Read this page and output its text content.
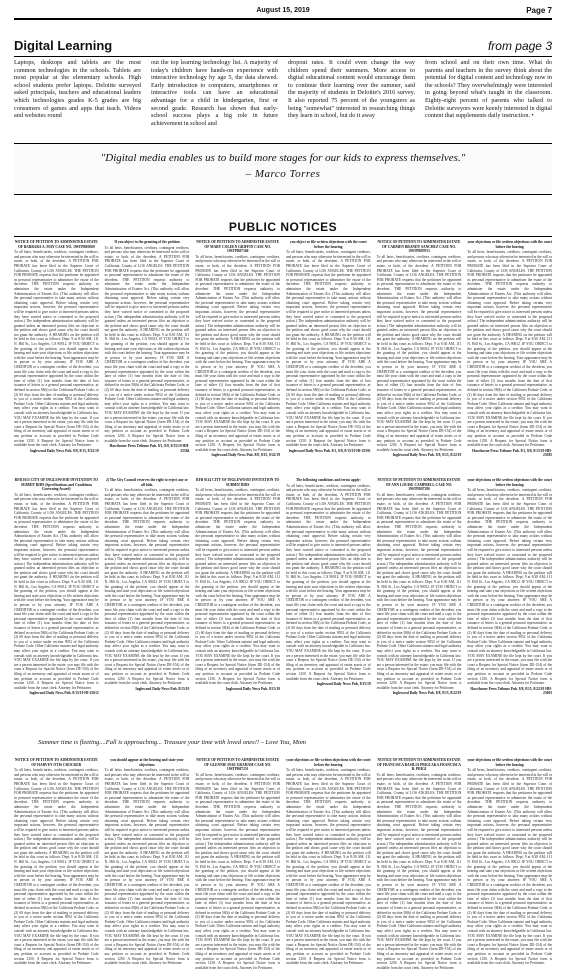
August 15, 2019	Page 7
Digital Learning	from page 3
Laptops, desktops and tablets are the most common technologies in the schools. Tablets are most popular at the elementary schools. High school students prefer laptops. Deloitte surveyed asked principals, teachers and educational leaders which technologies grades K-5 grades are big consumers of games and apps that teach. Videos and websites round
out the top learning technology list. A majority of today's children have hands-on experience with interactive technology by age 5, the data showed. Early introduction to computers, smartphones or interactive tools can have an educational advantage for a child in kindergarten, first or second grade. Research has shown that early-school success plays a big role in future achievement in school and
dropout rates. It could even change the way children spend their summers. More access to digital educational content would encourage them to continue their learning over the summer, said the majority of students in Deloitte's 2016 survey. It also reported 75 percent of the youngsters as being "somewhat" interested in researching things they learn in school, but do it away
from school and on their own time. What do parents and teachers in the survey think about the potential for digital content and technology now in the schools? They overwhelmingly were interested in going beyond what's taught in the classroom. Eighty-eight percent of parents who talked to Deloitte surveyors were keenly interested in digital content that supplements daily instruction. •
"Digital media enables us to build more stages for our kids to express themselves."
– Marco Torres
PUBLIC NOTICES
NOTICE OF PETITION TO ADMINISTER ESTATE OF BARBARA A. MAY CASE NO. 19STPB05069
To all heirs, beneficiaries, creditors, contingent creditors, and persons who may otherwise be interested in the will or estate, or both, of the decedent. A PETITION FOR PROBATE has been filed in the Superior Court of California, County of LOS ANGELES. THE PETITION FOR PROBATE requests that the petitioner be appointed as personal representative to administer the estate of the decedent. THE PETITION requests authority to administer the estate under the Independent Administration of Estates Act. (This authority will allow the personal representative to take many actions without obtaining court approval. Before taking certain very important actions, however, the personal representative will be required to give notice to interested persons unless they have waived notice or consented to the proposed action.) The independent administration authority will be granted unless an interested person files an objection to the petition and shows good cause why the court should not grant the authority. A HEARING on the petition will be held in this court as follows: Dept. 9 at 8:30 AM, 111 N. Hill St., Los Angeles, CA 90012. IF YOU OBJECT to the granting of the petition, you should appear at the hearing and state your objections or file written objections with the court before the hearing. Your appearance may be in person or by your attorney. IF YOU ARE A CREDITOR or a contingent creditor of the decedent, you must file your claim with the court and mail a copy to the personal representative appointed by the court within the later of either (1) four months from the date of first issuance of letters to a general personal representative, as defined in section 58(b) of the California Probate Code, or (2) 60 days from the date of mailing or personal delivery to you of a notice under section 9052 of the California Probate Code. Other California statutes and legal authority may affect your rights as a creditor. You may want to consult with an attorney knowledgeable in California law. YOU MAY EXAMINE the file kept by the court. If you are a person interested in the estate, you may file with the court a Request for Special Notice (form DE-154) of the filing of an inventory and appraisal of estate assets or of any petition or account as provided in Probate Code section 1250. A Request for Special Notice form is available from the court clerk. Attorney for Petitioner.
Inglewood Daily News Pub. 8/8, 8/15, 8/22/19
If you object to the granting of the petition
To all heirs, beneficiaries, creditors, contingent creditors, and persons who may otherwise be interested in the will or estate, or both, of the decedent. A PETITION FOR PROBATE has been filed in the Superior Court of California, County of LOS ANGELES. THE PETITION FOR PROBATE requests that the petitioner be appointed as personal representative to administer the estate of the decedent. THE PETITION requests authority to administer the estate under the Independent Administration of Estates Act. (This authority will allow the personal representative to take many actions without obtaining court approval. Before taking certain very important actions, however, the personal representative will be required to give notice to interested persons unless they have waived notice or consented to the proposed action.) The independent administration authority will be granted unless an interested person files an objection to the petition and shows good cause why the court should not grant the authority. A HEARING on the petition will be held in this court as follows: Dept. 9 at 8:30 AM, 111 N. Hill St., Los Angeles, CA 90012. IF YOU OBJECT to the granting of the petition, you should appear at the hearing and state your objections or file written objections with the court before the hearing. Your appearance may be in person or by your attorney. IF YOU ARE A CREDITOR or a contingent creditor of the decedent, you must file your claim with the court and mail a copy to the personal representative appointed by the court within the later of either (1) four months from the date of first issuance of letters to a general personal representative, as defined in section 58(b) of the California Probate Code, or (2) 60 days from the date of mailing or personal delivery to you of a notice under section 9052 of the California Probate Code. Other California statutes and legal authority may affect your rights as a creditor. You may want to consult with an attorney knowledgeable in California law. YOU MAY EXAMINE the file kept by the court. If you are a person interested in the estate, you may file with the court a Request for Special Notice (form DE-154) of the filing of an inventory and appraisal of estate assets or of any petition or account as provided in Probate Code section 1250. A Request for Special Notice form is available from the court clerk. Attorney for Petitioner.
Hawthorne Press Tribune Pub. 8/1, 8/8, 8/15/19 HH-25584
NOTICE OF PETITION TO ADMINISTER ESTATE OF MARY COLEEN GRIFFIN CASE NO. 19STPB07160
To all heirs, beneficiaries, creditors, contingent creditors, and persons who may otherwise be interested in the will or estate, or both, of the decedent. A PETITION FOR PROBATE has been filed in the Superior Court of California, County of LOS ANGELES. THE PETITION FOR PROBATE requests that the petitioner be appointed as personal representative to administer the estate of the decedent. THE PETITION requests authority to administer the estate under the Independent Administration of Estates Act. (This authority will allow the personal representative to take many actions without obtaining court approval. Before taking certain very important actions, however, the personal representative will be required to give notice to interested persons unless they have waived notice or consented to the proposed action.) The independent administration authority will be granted unless an interested person files an objection to the petition and shows good cause why the court should not grant the authority. A HEARING on the petition will be held in this court as follows: Dept. 9 at 8:30 AM, 111 N. Hill St., Los Angeles, CA 90012. IF YOU OBJECT to the granting of the petition, you should appear at the hearing and state your objections or file written objections with the court before the hearing. Your appearance may be in person or by your attorney. IF YOU ARE A CREDITOR or a contingent creditor of the decedent, you must file your claim with the court and mail a copy to the personal representative appointed by the court within the later of either (1) four months from the date of first issuance of letters to a general personal representative, as defined in section 58(b) of the California Probate Code, or (2) 60 days from the date of mailing or personal delivery to you of a notice under section 9052 of the California Probate Code. Other California statutes and legal authority may affect your rights as a creditor. You may want to consult with an attorney knowledgeable in California law. YOU MAY EXAMINE the file kept by the court. If you are a person interested in the estate, you may file with the court a Request for Special Notice (form DE-154) of the filing of an inventory and appraisal of estate assets or of any petition or account as provided in Probate Code section 1250. A Request for Special Notice form is available from the court clerk. Attorney for Petitioner.
Inglewood Daily News Pub. 8/8, 8/15, 8/22/19
you object or file written objections with the court before the hearing
To all heirs, beneficiaries, creditors, contingent creditors, and persons who may otherwise be interested in the will or estate, or both, of the decedent. A PETITION FOR PROBATE has been filed in the Superior Court of California, County of LOS ANGELES. THE PETITION FOR PROBATE requests that the petitioner be appointed as personal representative to administer the estate of the decedent. THE PETITION requests authority to administer the estate under the Independent Administration of Estates Act. (This authority will allow the personal representative to take many actions without obtaining court approval. Before taking certain very important actions, however, the personal representative will be required to give notice to interested persons unless they have waived notice or consented to the proposed action.) The independent administration authority will be granted unless an interested person files an objection to the petition and shows good cause why the court should not grant the authority. A HEARING on the petition will be held in this court as follows: Dept. 9 at 8:30 AM, 111 N. Hill St., Los Angeles, CA 90012. IF YOU OBJECT to the granting of the petition, you should appear at the hearing and state your objections or file written objections with the court before the hearing. Your appearance may be in person or by your attorney. IF YOU ARE A CREDITOR or a contingent creditor of the decedent, you must file your claim with the court and mail a copy to the personal representative appointed by the court within the later of either (1) four months from the date of first issuance of letters to a general personal representative, as defined in section 58(b) of the California Probate Code, or (2) 60 days from the date of mailing or personal delivery to you of a notice under section 9052 of the California Probate Code. Other California statutes and legal authority may affect your rights as a creditor. You may want to consult with an attorney knowledgeable in California law. YOU MAY EXAMINE the file kept by the court. If you are a person interested in the estate, you may file with the court a Request for Special Notice (form DE-154) of the filing of an inventory and appraisal of estate assets or of any petition or account as provided in Probate Code section 1250. A Request for Special Notice form is available from the court clerk. Attorney for Petitioner.
Inglewood Daily News Pub. 8/1, 8/8, 8/15/19 HI-25591
NOTICE OF PETITION TO ADMINISTER ESTATE OF CARMEN BRANDY SANCHEZ CASE NO. 19STPB07053
To all heirs, beneficiaries, creditors, contingent creditors, and persons who may otherwise be interested in the will or estate, or both, of the decedent. A PETITION FOR PROBATE has been filed in the Superior Court of California, County of LOS ANGELES. THE PETITION FOR PROBATE requests that the petitioner be appointed as personal representative to administer the estate of the decedent. THE PETITION requests authority to administer the estate under the Independent Administration of Estates Act. (This authority will allow the personal representative to take many actions without obtaining court approval. Before taking certain very important actions, however, the personal representative will be required to give notice to interested persons unless they have waived notice or consented to the proposed action.) The independent administration authority will be granted unless an interested person files an objection to the petition and shows good cause why the court should not grant the authority. A HEARING on the petition will be held in this court as follows: Dept. 9 at 8:30 AM, 111 N. Hill St., Los Angeles, CA 90012. IF YOU OBJECT to the granting of the petition, you should appear at the hearing and state your objections or file written objections with the court before the hearing. Your appearance may be in person or by your attorney. IF YOU ARE A CREDITOR or a contingent creditor of the decedent, you must file your claim with the court and mail a copy to the personal representative appointed by the court within the later of either (1) four months from the date of first issuance of letters to a general personal representative, as defined in section 58(b) of the California Probate Code, or (2) 60 days from the date of mailing or personal delivery to you of a notice under section 9052 of the California Probate Code. Other California statutes and legal authority may affect your rights as a creditor. You may want to consult with an attorney knowledgeable in California law. YOU MAY EXAMINE the file kept by the court. If you are a person interested in the estate, you may file with the court a Request for Special Notice (form DE-154) of the filing of an inventory and appraisal of estate assets or of any petition or account as provided in Probate Code section 1250. A Request for Special Notice form is available from the court clerk. Attorney for Petitioner.
Inglewood Daily News Pub. 8/8, 8/15, 8/22/19
your objections or file written objections with the court before the hearing
To all heirs, beneficiaries, creditors, contingent creditors, and persons who may otherwise be interested in the will or estate, or both, of the decedent. A PETITION FOR PROBATE has been filed in the Superior Court of California, County of LOS ANGELES. THE PETITION FOR PROBATE requests that the petitioner be appointed as personal representative to administer the estate of the decedent. THE PETITION requests authority to administer the estate under the Independent Administration of Estates Act. (This authority will allow the personal representative to take many actions without obtaining court approval. Before taking certain very important actions, however, the personal representative will be required to give notice to interested persons unless they have waived notice or consented to the proposed action.) The independent administration authority will be granted unless an interested person files an objection to the petition and shows good cause why the court should not grant the authority. A HEARING on the petition will be held in this court as follows: Dept. 9 at 8:30 AM, 111 N. Hill St., Los Angeles, CA 90012. IF YOU OBJECT to the granting of the petition, you should appear at the hearing and state your objections or file written objections with the court before the hearing. Your appearance may be in person or by your attorney. IF YOU ARE A CREDITOR or a contingent creditor of the decedent, you must file your claim with the court and mail a copy to the personal representative appointed by the court within the later of either (1) four months from the date of first issuance of letters to a general personal representative, as defined in section 58(b) of the California Probate Code, or (2) 60 days from the date of mailing or personal delivery to you of a notice under section 9052 of the California Probate Code. Other California statutes and legal authority may affect your rights as a creditor. You may want to consult with an attorney knowledgeable in California law. YOU MAY EXAMINE the file kept by the court. If you are a person interested in the estate, you may file with the court a Request for Special Notice (form DE-154) of the filing of an inventory and appraisal of estate assets or of any petition or account as provided in Probate Code section 1250. A Request for Special Notice form is available from the court clerk. Attorney for Petitioner.
Hawthorne Press Tribune Pub. 8/1, 8/8, 8/15/19 HH-25585
RFB 0115 CITY OF INGLEWOOD INVITATION TO SUBMIT BIDS (Specifications and Conditions Governing Award)
To all heirs, beneficiaries, creditors, contingent creditors, and persons who may otherwise be interested in the will or estate, or both, of the decedent. A PETITION FOR PROBATE has been filed in the Superior Court of California, County of LOS ANGELES. THE PETITION FOR PROBATE requests that the petitioner be appointed as personal representative to administer the estate of the decedent. THE PETITION requests authority to administer the estate under the Independent Administration of Estates Act. (This authority will allow the personal representative to take many actions without obtaining court approval. Before taking certain very important actions, however, the personal representative will be required to give notice to interested persons unless they have waived notice or consented to the proposed action.) The independent administration authority will be granted unless an interested person files an objection to the petition and shows good cause why the court should not grant the authority. A HEARING on the petition will be held in this court as follows: Dept. 9 at 8:30 AM, 111 N. Hill St., Los Angeles, CA 90012. IF YOU OBJECT to the granting of the petition, you should appear at the hearing and state your objections or file written objections with the court before the hearing. Your appearance may be in person or by your attorney. IF YOU ARE A CREDITOR or a contingent creditor of the decedent, you must file your claim with the court and mail a copy to the personal representative appointed by the court within the later of either (1) four months from the date of first issuance of letters to a general personal representative, as defined in section 58(b) of the California Probate Code, or (2) 60 days from the date of mailing or personal delivery to you of a notice under section 9052 of the California Probate Code. Other California statutes and legal authority may affect your rights as a creditor. You may want to consult with an attorney knowledgeable in California law. YOU MAY EXAMINE the file kept by the court. If you are a person interested in the estate, you may file with the court a Request for Special Notice (form DE-154) of the filing of an inventory and appraisal of estate assets or of any petition or account as provided in Probate Code section 1250. A Request for Special Notice form is available from the court clerk. Attorney for Petitioner.
Inglewood Daily News Pub. 8/15/19 HI-25612
2) The City Council reserves the right to reject any or all bids.
To all heirs, beneficiaries, creditors, contingent creditors, and persons who may otherwise be interested in the will or estate, or both, of the decedent. A PETITION FOR PROBATE has been filed in the Superior Court of California, County of LOS ANGELES. THE PETITION FOR PROBATE requests that the petitioner be appointed as personal representative to administer the estate of the decedent. THE PETITION requests authority to administer the estate under the Independent Administration of Estates Act. (This authority will allow the personal representative to take many actions without obtaining court approval. Before taking certain very important actions, however, the personal representative will be required to give notice to interested persons unless they have waived notice or consented to the proposed action.) The independent administration authority will be granted unless an interested person files an objection to the petition and shows good cause why the court should not grant the authority. A HEARING on the petition will be held in this court as follows: Dept. 9 at 8:30 AM, 111 N. Hill St., Los Angeles, CA 90012. IF YOU OBJECT to the granting of the petition, you should appear at the hearing and state your objections or file written objections with the court before the hearing. Your appearance may be in person or by your attorney. IF YOU ARE A CREDITOR or a contingent creditor of the decedent, you must file your claim with the court and mail a copy to the personal representative appointed by the court within the later of either (1) four months from the date of first issuance of letters to a general personal representative, as defined in section 58(b) of the California Probate Code, or (2) 60 days from the date of mailing or personal delivery to you of a notice under section 9052 of the California Probate Code. Other California statutes and legal authority may affect your rights as a creditor. You may want to consult with an attorney knowledgeable in California law. YOU MAY EXAMINE the file kept by the court. If you are a person interested in the estate, you may file with the court a Request for Special Notice (form DE-154) of the filing of an inventory and appraisal of estate assets or of any petition or account as provided in Probate Code section 1250. A Request for Special Notice form is available from the court clerk. Attorney for Petitioner.
Inglewood Daily News Pub. 8/15/19
RFB 0114 CITY OF INGLEWOOD INVITATION TO SUBMIT BIDS
To all heirs, beneficiaries, creditors, contingent creditors, and persons who may otherwise be interested in the will or estate, or both, of the decedent. A PETITION FOR PROBATE has been filed in the Superior Court of California, County of LOS ANGELES. THE PETITION FOR PROBATE requests that the petitioner be appointed as personal representative to administer the estate of the decedent. THE PETITION requests authority to administer the estate under the Independent Administration of Estates Act. (This authority will allow the personal representative to take many actions without obtaining court approval. Before taking certain very important actions, however, the personal representative will be required to give notice to interested persons unless they have waived notice or consented to the proposed action.) The independent administration authority will be granted unless an interested person files an objection to the petition and shows good cause why the court should not grant the authority. A HEARING on the petition will be held in this court as follows: Dept. 9 at 8:30 AM, 111 N. Hill St., Los Angeles, CA 90012. IF YOU OBJECT to the granting of the petition, you should appear at the hearing and state your objections or file written objections with the court before the hearing. Your appearance may be in person or by your attorney. IF YOU ARE A CREDITOR or a contingent creditor of the decedent, you must file your claim with the court and mail a copy to the personal representative appointed by the court within the later of either (1) four months from the date of first issuance of letters to a general personal representative, as defined in section 58(b) of the California Probate Code, or (2) 60 days from the date of mailing or personal delivery to you of a notice under section 9052 of the California Probate Code. Other California statutes and legal authority may affect your rights as a creditor. You may want to consult with an attorney knowledgeable in California law. YOU MAY EXAMINE the file kept by the court. If you are a person interested in the estate, you may file with the court a Request for Special Notice (form DE-154) of the filing of an inventory and appraisal of estate assets or of any petition or account as provided in Probate Code section 1250. A Request for Special Notice form is available from the court clerk. Attorney for Petitioner.
Inglewood Daily News Pub. 8/15/19
The following conditions and terms apply:
To all heirs, beneficiaries, creditors, contingent creditors, and persons who may otherwise be interested in the will or estate, or both, of the decedent. A PETITION FOR PROBATE has been filed in the Superior Court of California, County of LOS ANGELES. THE PETITION FOR PROBATE requests that the petitioner be appointed as personal representative to administer the estate of the decedent. THE PETITION requests authority to administer the estate under the Independent Administration of Estates Act. (This authority will allow the personal representative to take many actions without obtaining court approval. Before taking certain very important actions, however, the personal representative will be required to give notice to interested persons unless they have waived notice or consented to the proposed action.) The independent administration authority will be granted unless an interested person files an objection to the petition and shows good cause why the court should not grant the authority. A HEARING on the petition will be held in this court as follows: Dept. 9 at 8:30 AM, 111 N. Hill St., Los Angeles, CA 90012. IF YOU OBJECT to the granting of the petition, you should appear at the hearing and state your objections or file written objections with the court before the hearing. Your appearance may be in person or by your attorney. IF YOU ARE A CREDITOR or a contingent creditor of the decedent, you must file your claim with the court and mail a copy to the personal representative appointed by the court within the later of either (1) four months from the date of first issuance of letters to a general personal representative, as defined in section 58(b) of the California Probate Code, or (2) 60 days from the date of mailing or personal delivery to you of a notice under section 9052 of the California Probate Code. Other California statutes and legal authority may affect your rights as a creditor. You may want to consult with an attorney knowledgeable in California law. YOU MAY EXAMINE the file kept by the court. If you are a person interested in the estate, you may file with the court a Request for Special Notice (form DE-154) of the filing of an inventory and appraisal of estate assets or of any petition or account as provided in Probate Code section 1250. A Request for Special Notice form is available from the court clerk. Attorney for Petitioner.
Inglewood Daily News Pub. 8/15/19
NOTICE OF PETITION TO ADMINISTER ESTATE OF ANN LOUISE CAMPBELL CASE NO. 19STPB07386
To all heirs, beneficiaries, creditors, contingent creditors, and persons who may otherwise be interested in the will or estate, or both, of the decedent. A PETITION FOR PROBATE has been filed in the Superior Court of California, County of LOS ANGELES. THE PETITION FOR PROBATE requests that the petitioner be appointed as personal representative to administer the estate of the decedent. THE PETITION requests authority to administer the estate under the Independent Administration of Estates Act. (This authority will allow the personal representative to take many actions without obtaining court approval. Before taking certain very important actions, however, the personal representative will be required to give notice to interested persons unless they have waived notice or consented to the proposed action.) The independent administration authority will be granted unless an interested person files an objection to the petition and shows good cause why the court should not grant the authority. A HEARING on the petition will be held in this court as follows: Dept. 9 at 8:30 AM, 111 N. Hill St., Los Angeles, CA 90012. IF YOU OBJECT to the granting of the petition, you should appear at the hearing and state your objections or file written objections with the court before the hearing. Your appearance may be in person or by your attorney. IF YOU ARE A CREDITOR or a contingent creditor of the decedent, you must file your claim with the court and mail a copy to the personal representative appointed by the court within the later of either (1) four months from the date of first issuance of letters to a general personal representative, as defined in section 58(b) of the California Probate Code, or (2) 60 days from the date of mailing or personal delivery to you of a notice under section 9052 of the California Probate Code. Other California statutes and legal authority may affect your rights as a creditor. You may want to consult with an attorney knowledgeable in California law. YOU MAY EXAMINE the file kept by the court. If you are a person interested in the estate, you may file with the court a Request for Special Notice (form DE-154) of the filing of an inventory and appraisal of estate assets or of any petition or account as provided in Probate Code section 1250. A Request for Special Notice form is available from the court clerk. Attorney for Petitioner.
Inglewood Daily News Pub. 8/8, 8/15, 8/22/19
your objections or file written objections with the court before the hearing
To all heirs, beneficiaries, creditors, contingent creditors, and persons who may otherwise be interested in the will or estate, or both, of the decedent. A PETITION FOR PROBATE has been filed in the Superior Court of California, County of LOS ANGELES. THE PETITION FOR PROBATE requests that the petitioner be appointed as personal representative to administer the estate of the decedent. THE PETITION requests authority to administer the estate under the Independent Administration of Estates Act. (This authority will allow the personal representative to take many actions without obtaining court approval. Before taking certain very important actions, however, the personal representative will be required to give notice to interested persons unless they have waived notice or consented to the proposed action.) The independent administration authority will be granted unless an interested person files an objection to the petition and shows good cause why the court should not grant the authority. A HEARING on the petition will be held in this court as follows: Dept. 9 at 8:30 AM, 111 N. Hill St., Los Angeles, CA 90012. IF YOU OBJECT to the granting of the petition, you should appear at the hearing and state your objections or file written objections with the court before the hearing. Your appearance may be in person or by your attorney. IF YOU ARE A CREDITOR or a contingent creditor of the decedent, you must file your claim with the court and mail a copy to the personal representative appointed by the court within the later of either (1) four months from the date of first issuance of letters to a general personal representative, as defined in section 58(b) of the California Probate Code, or (2) 60 days from the date of mailing or personal delivery to you of a notice under section 9052 of the California Probate Code. Other California statutes and legal authority may affect your rights as a creditor. You may want to consult with an attorney knowledgeable in California law. YOU MAY EXAMINE the file kept by the court. If you are a person interested in the estate, you may file with the court a Request for Special Notice (form DE-154) of the filing of an inventory and appraisal of estate assets or of any petition or account as provided in Probate Code section 1250. A Request for Special Notice form is available from the court clerk. Attorney for Petitioner.
Hawthorne Press Tribune Pub. 8/8, 8/15, 8/22/19 HH-25603
Summer time is fleeting....Fall is approaching... Treasure your time with loved ones!! – Love You, Mom
NOTICE OF PETITION TO ADMINISTER ESTATE OF HARVEY OTIS CROCKER
To all heirs, beneficiaries, creditors, contingent creditors, and persons who may otherwise be interested in the will or estate, or both, of the decedent. A PETITION FOR PROBATE has been filed in the Superior Court of California, County of LOS ANGELES. THE PETITION FOR PROBATE requests that the petitioner be appointed as personal representative to administer the estate of the decedent. THE PETITION requests authority to administer the estate under the Independent Administration of Estates Act. (This authority will allow the personal representative to take many actions without obtaining court approval. Before taking certain very important actions, however, the personal representative will be required to give notice to interested persons unless they have waived notice or consented to the proposed action.) The independent administration authority will be granted unless an interested person files an objection to the petition and shows good cause why the court should not grant the authority. A HEARING on the petition will be held in this court as follows: Dept. 9 at 8:30 AM, 111 N. Hill St., Los Angeles, CA 90012. IF YOU OBJECT to the granting of the petition, you should appear at the hearing and state your objections or file written objections with the court before the hearing. Your appearance may be in person or by your attorney. IF YOU ARE A CREDITOR or a contingent creditor of the decedent, you must file your claim with the court and mail a copy to the personal representative appointed by the court within the later of either (1) four months from the date of first issuance of letters to a general personal representative, as defined in section 58(b) of the California Probate Code, or (2) 60 days from the date of mailing or personal delivery to you of a notice under section 9052 of the California Probate Code. Other California statutes and legal authority may affect your rights as a creditor. You may want to consult with an attorney knowledgeable in California law. YOU MAY EXAMINE the file kept by the court. If you are a person interested in the estate, you may file with the court a Request for Special Notice (form DE-154) of the filing of an inventory and appraisal of estate assets or of any petition or account as provided in Probate Code section 1250. A Request for Special Notice form is available from the court clerk. Attorney for Petitioner.
you should appear at the hearing and state your objections
To all heirs, beneficiaries, creditors, contingent creditors, and persons who may otherwise be interested in the will or estate, or both, of the decedent. A PETITION FOR PROBATE has been filed in the Superior Court of California, County of LOS ANGELES. THE PETITION FOR PROBATE requests that the petitioner be appointed as personal representative to administer the estate of the decedent. THE PETITION requests authority to administer the estate under the Independent Administration of Estates Act. (This authority will allow the personal representative to take many actions without obtaining court approval. Before taking certain very important actions, however, the personal representative will be required to give notice to interested persons unless they have waived notice or consented to the proposed action.) The independent administration authority will be granted unless an interested person files an objection to the petition and shows good cause why the court should not grant the authority. A HEARING on the petition will be held in this court as follows: Dept. 9 at 8:30 AM, 111 N. Hill St., Los Angeles, CA 90012. IF YOU OBJECT to the granting of the petition, you should appear at the hearing and state your objections or file written objections with the court before the hearing. Your appearance may be in person or by your attorney. IF YOU ARE A CREDITOR or a contingent creditor of the decedent, you must file your claim with the court and mail a copy to the personal representative appointed by the court within the later of either (1) four months from the date of first issuance of letters to a general personal representative, as defined in section 58(b) of the California Probate Code, or (2) 60 days from the date of mailing or personal delivery to you of a notice under section 9052 of the California Probate Code. Other California statutes and legal authority may affect your rights as a creditor. You may want to consult with an attorney knowledgeable in California law. YOU MAY EXAMINE the file kept by the court. If you are a person interested in the estate, you may file with the court a Request for Special Notice (form DE-154) of the filing of an inventory and appraisal of estate assets or of any petition or account as provided in Probate Code section 1250. A Request for Special Notice form is available from the court clerk. Attorney for Petitioner.
NOTICE OF PETITION TO ADMINISTER ESTATE OF GLENNIE MAE GRAHAM CASE NO. 19STPB07251
To all heirs, beneficiaries, creditors, contingent creditors, and persons who may otherwise be interested in the will or estate, or both, of the decedent. A PETITION FOR PROBATE has been filed in the Superior Court of California, County of LOS ANGELES. THE PETITION FOR PROBATE requests that the petitioner be appointed as personal representative to administer the estate of the decedent. THE PETITION requests authority to administer the estate under the Independent Administration of Estates Act. (This authority will allow the personal representative to take many actions without obtaining court approval. Before taking certain very important actions, however, the personal representative will be required to give notice to interested persons unless they have waived notice or consented to the proposed action.) The independent administration authority will be granted unless an interested person files an objection to the petition and shows good cause why the court should not grant the authority. A HEARING on the petition will be held in this court as follows: Dept. 9 at 8:30 AM, 111 N. Hill St., Los Angeles, CA 90012. IF YOU OBJECT to the granting of the petition, you should appear at the hearing and state your objections or file written objections with the court before the hearing. Your appearance may be in person or by your attorney. IF YOU ARE A CREDITOR or a contingent creditor of the decedent, you must file your claim with the court and mail a copy to the personal representative appointed by the court within the later of either (1) four months from the date of first issuance of letters to a general personal representative, as defined in section 58(b) of the California Probate Code, or (2) 60 days from the date of mailing or personal delivery to you of a notice under section 9052 of the California Probate Code. Other California statutes and legal authority may affect your rights as a creditor. You may want to consult with an attorney knowledgeable in California law. YOU MAY EXAMINE the file kept by the court. If you are a person interested in the estate, you may file with the court a Request for Special Notice (form DE-154) of the filing of an inventory and appraisal of estate assets or of any petition or account as provided in Probate Code section 1250. A Request for Special Notice form is available from the court clerk. Attorney for Petitioner.
your objections or file written objections with the court before the hearing
To all heirs, beneficiaries, creditors, contingent creditors, and persons who may otherwise be interested in the will or estate, or both, of the decedent. A PETITION FOR PROBATE has been filed in the Superior Court of California, County of LOS ANGELES. THE PETITION FOR PROBATE requests that the petitioner be appointed as personal representative to administer the estate of the decedent. THE PETITION requests authority to administer the estate under the Independent Administration of Estates Act. (This authority will allow the personal representative to take many actions without obtaining court approval. Before taking certain very important actions, however, the personal representative will be required to give notice to interested persons unless they have waived notice or consented to the proposed action.) The independent administration authority will be granted unless an interested person files an objection to the petition and shows good cause why the court should not grant the authority. A HEARING on the petition will be held in this court as follows: Dept. 9 at 8:30 AM, 111 N. Hill St., Los Angeles, CA 90012. IF YOU OBJECT to the granting of the petition, you should appear at the hearing and state your objections or file written objections with the court before the hearing. Your appearance may be in person or by your attorney. IF YOU ARE A CREDITOR or a contingent creditor of the decedent, you must file your claim with the court and mail a copy to the personal representative appointed by the court within the later of either (1) four months from the date of first issuance of letters to a general personal representative, as defined in section 58(b) of the California Probate Code, or (2) 60 days from the date of mailing or personal delivery to you of a notice under section 9052 of the California Probate Code. Other California statutes and legal authority may affect your rights as a creditor. You may want to consult with an attorney knowledgeable in California law. YOU MAY EXAMINE the file kept by the court. If you are a person interested in the estate, you may file with the court a Request for Special Notice (form DE-154) of the filing of an inventory and appraisal of estate assets or of any petition or account as provided in Probate Code section 1250. A Request for Special Notice form is available from the court clerk. Attorney for Petitioner.
NOTICE OF PETITION TO ADMINISTER ESTATE OF FRANCISCA BASILIA PRIGI AKA FRANCISCA B. PRIGI
To all heirs, beneficiaries, creditors, contingent creditors, and persons who may otherwise be interested in the will or estate, or both, of the decedent. A PETITION FOR PROBATE has been filed in the Superior Court of California, County of LOS ANGELES. THE PETITION FOR PROBATE requests that the petitioner be appointed as personal representative to administer the estate of the decedent. THE PETITION requests authority to administer the estate under the Independent Administration of Estates Act. (This authority will allow the personal representative to take many actions without obtaining court approval. Before taking certain very important actions, however, the personal representative will be required to give notice to interested persons unless they have waived notice or consented to the proposed action.) The independent administration authority will be granted unless an interested person files an objection to the petition and shows good cause why the court should not grant the authority. A HEARING on the petition will be held in this court as follows: Dept. 9 at 8:30 AM, 111 N. Hill St., Los Angeles, CA 90012. IF YOU OBJECT to the granting of the petition, you should appear at the hearing and state your objections or file written objections with the court before the hearing. Your appearance may be in person or by your attorney. IF YOU ARE A CREDITOR or a contingent creditor of the decedent, you must file your claim with the court and mail a copy to the personal representative appointed by the court within the later of either (1) four months from the date of first issuance of letters to a general personal representative, as defined in section 58(b) of the California Probate Code, or (2) 60 days from the date of mailing or personal delivery to you of a notice under section 9052 of the California Probate Code. Other California statutes and legal authority may affect your rights as a creditor. You may want to consult with an attorney knowledgeable in California law. YOU MAY EXAMINE the file kept by the court. If you are a person interested in the estate, you may file with the court a Request for Special Notice (form DE-154) of the filing of an inventory and appraisal of estate assets or of any petition or account as provided in Probate Code section 1250. A Request for Special Notice form is available from the court clerk. Attorney for Petitioner.
your objections or file written objections with the court before the hearing
To all heirs, beneficiaries, creditors, contingent creditors, and persons who may otherwise be interested in the will or estate, or both, of the decedent. A PETITION FOR PROBATE has been filed in the Superior Court of California, County of LOS ANGELES. THE PETITION FOR PROBATE requests that the petitioner be appointed as personal representative to administer the estate of the decedent. THE PETITION requests authority to administer the estate under the Independent Administration of Estates Act. (This authority will allow the personal representative to take many actions without obtaining court approval. Before taking certain very important actions, however, the personal representative will be required to give notice to interested persons unless they have waived notice or consented to the proposed action.) The independent administration authority will be granted unless an interested person files an objection to the petition and shows good cause why the court should not grant the authority. A HEARING on the petition will be held in this court as follows: Dept. 9 at 8:30 AM, 111 N. Hill St., Los Angeles, CA 90012. IF YOU OBJECT to the granting of the petition, you should appear at the hearing and state your objections or file written objections with the court before the hearing. Your appearance may be in person or by your attorney. IF YOU ARE A CREDITOR or a contingent creditor of the decedent, you must file your claim with the court and mail a copy to the personal representative appointed by the court within the later of either (1) four months from the date of first issuance of letters to a general personal representative, as defined in section 58(b) of the California Probate Code, or (2) 60 days from the date of mailing or personal delivery to you of a notice under section 9052 of the California Probate Code. Other California statutes and legal authority may affect your rights as a creditor. You may want to consult with an attorney knowledgeable in California law. YOU MAY EXAMINE the file kept by the court. If you are a person interested in the estate, you may file with the court a Request for Special Notice (form DE-154) of the filing of an inventory and appraisal of estate assets or of any petition or account as provided in Probate Code section 1250. A Request for Special Notice form is available from the court clerk. Attorney for Petitioner.
